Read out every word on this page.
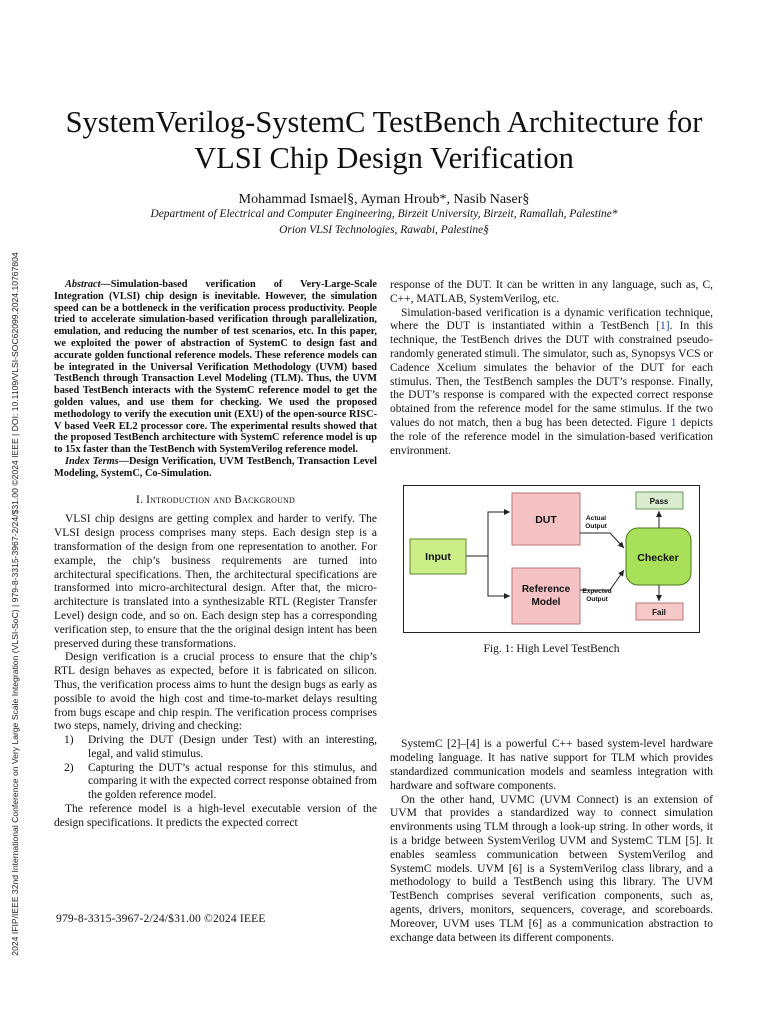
2024 IFIP/IEEE 32nd International Conference on Very Large Scale Integration (VLSI-SoC) | 979-8-3315-3967-2/24/$31.00 ©2024 IEEE | DOI: 10.1109/VLSI-SOC62099.2024.10767804
SystemVerilog-SystemC TestBench Architecture for
VLSI Chip Design Verification
Mohammad Ismael§, Ayman Hroub*, Nasib Naser§
Department of Electrical and Computer Engineering, Birzeit University, Birzeit, Ramallah, Palestine*
Orion VLSI Technologies, Rawabi, Palestine§

Abstract—Simulation-based verification of Very-Large-Scale Integration (VLSI) chip design is inevitable. However, the simulation speed can be a bottleneck in the verification process productivity. People tried to accelerate simulation-based verification through parallelization, emulation, and reducing the number of test scenarios, etc. In this paper, we exploited the power of abstraction of SystemC to design fast and accurate golden functional reference models. These reference models can be integrated in the Universal Verification Methodology (UVM) based TestBench through Transaction Level Modeling (TLM). Thus, the UVM based TestBench interacts with the SystemC reference model to get the golden values, and use them for checking. We used the proposed methodology to verify the execution unit (EXU) of the open-source RISC-V based VeeR EL2 processor core. The experimental results showed that the proposed TestBench architecture with SystemC reference model is up to 15x faster than the TestBench with SystemVerilog reference model.

Index Terms—Design Verification, UVM TestBench, Transaction Level Modeling, SystemC, Co-Simulation.

I. Introduction and Background

VLSI chip designs are getting complex and harder to verify. The VLSI design process comprises many steps. Each design step is a transformation of the design from one representation to another. For example, the chip’s business requirements are turned into architectural specifications. Then, the architectural specifications are transformed into micro-architectural design. After that, the micro-architecture is translated into a synthesizable RTL (Register Transfer Level) design code, and so on. Each design step has a corresponding verification step, to ensure that the the original design intent has been preserved during these transformations.

Design verification is a crucial process to ensure that the chip’s RTL design behaves as expected, before it is fabricated on silicon. Thus, the verification process aims to hunt the design bugs as early as possible to avoid the high cost and time-to-market delays resulting from bugs escape and chip respin. The verification process comprises two steps, namely, driving and checking:

1) Driving the DUT (Design under Test) with an interesting, legal, and valid stimulus.
2) Capturing the DUT’s actual response for this stimulus, and comparing it with the expected correct response obtained from the golden reference model.

The reference model is a high-level executable version of the design specifications. It predicts the expected correct

979-8-3315-3967-2/24/$31.00 ©2024 IEEE

response of the DUT. It can be written in any language, such as, C, C++, MATLAB, SystemVerilog, etc.

Simulation-based verification is a dynamic verification technique, where the DUT is instantiated within a TestBench [1]. In this technique, the TestBench drives the DUT with constrained pseudo-randomly generated stimuli. The simulator, such as, Synopsys VCS or Cadence Xcelium simulates the behavior of the DUT for each stimulus. Then, the TestBench samples the DUT’s response. Finally, the DUT’s response is compared with the expected correct response obtained from the reference model for the same stimulus. If the two values do not match, then a bug has been detected. Figure 1 depicts the role of the reference model in the simulation-based verification environment.

Input
DUT
Reference
Model
Checker
Pass
Fail
Actual
Output
Expected
Output
Fig. 1: High Level TestBench

SystemC [2]–[4] is a powerful C++ based system-level hardware modeling language. It has native support for TLM which provides standardized communication models and seamless integration with hardware and software components.

On the other hand, UVMC (UVM Connect) is an extension of UVM that provides a standardized way to connect simulation environments using TLM through a look-up string. In other words, it is a bridge between SystemVerilog UVM and SystemC TLM [5]. It enables seamless communication between SystemVerilog and SystemC models. UVM [6] is a SystemVerilog class library, and a methodology to build a TestBench using this library. The UVM TestBench comprises several verification components, such as, agents, drivers, monitors, sequencers, coverage, and scoreboards. Moreover, UVM uses TLM [6] as a communication abstraction to exchange data between its different components.
